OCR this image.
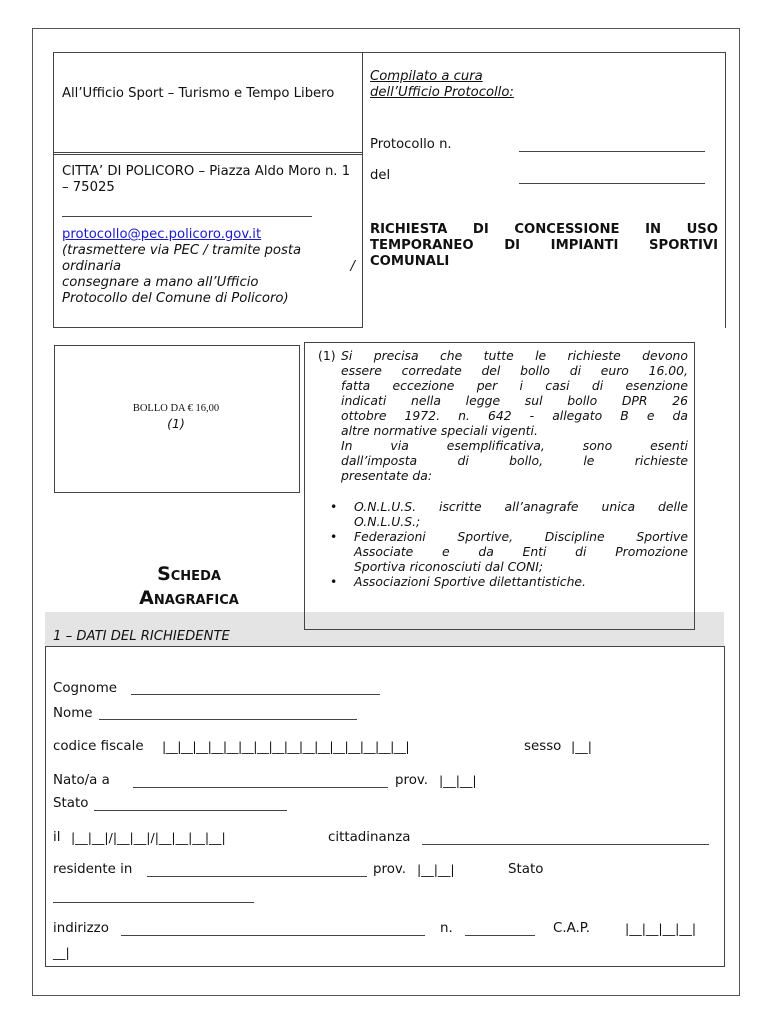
All’Ufficio Sport – Turismo e Tempo Libero
CITTA’ DI POLICORO – Piazza Aldo Moro n. 1 – 75025
protocollo@pec.policoro.gov.it
(trasmettere via PEC / tramite posta
ordinaria	/
consegnare a mano all’Ufficio
Protocollo del Comune di Policoro)
Compilato a cura
dell’Ufficio Protocollo:
Protocollo n.
del
RICHIESTA DI CONCESSIONE IN USO
TEMPORANEO DI IMPIANTI SPORTIVI
COMUNALI
BOLLO DA € 16,00
(1)
(1) Si precisa che tutte le richieste devono
essere corredate del bollo di euro 16.00,
fatta eccezione per i casi di esenzione
indicati nella legge sul bollo DPR 26
ottobre 1972. n. 642 - allegato B e da
altre normative speciali vigenti.
In via esemplificativa, sono esenti
dall’imposta di bollo, le richieste
presentate da:
•	O.N.L.U.S. iscritte all’anagrafe unica delle
O.N.L.U.S.;
•	Federazioni Sportive, Discipline Sportive
Associate e da Enti di Promozione
Sportiva riconosciuti dal CONI;
•	Associazioni Sportive dilettantistiche.
Scheda
Anagrafica
1 – DATI DEL RICHIEDENTE
Cognome
Nome
codice fiscale |__|__|__|__|__|__|__|__|__|__|__|__|__|__|__|__|	sesso |__|
Nato/a a	prov. |__|__|
Stato
il |__|__|/|__|__|/|__|__|__|__|	cittadinanza
residente in	prov. |__|__|	Stato
indirizzo	n.	C.A.P.	|__|__|__|__|
__|
